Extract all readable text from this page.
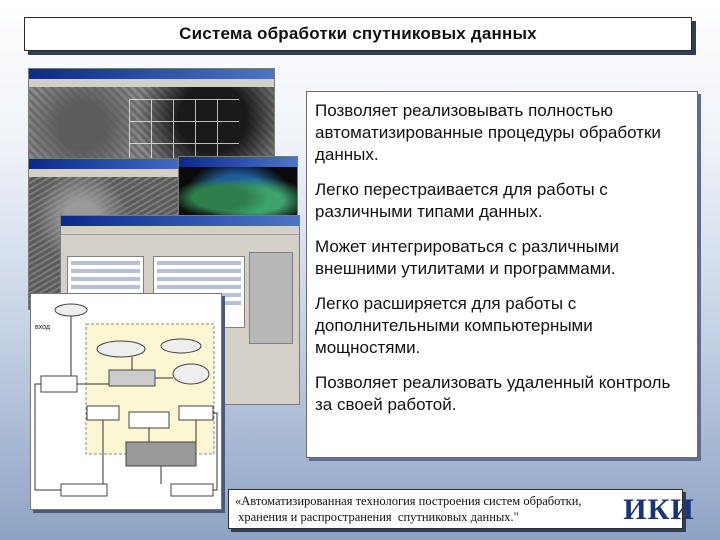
Система обработки спутниковых данных
вход

Позволяет реализовывать полностью автоматизированные процедуры обработки данных.

Легко перестраивается для работы с различными типами данных.

Может интегрироваться с различными внешними утилитами и программами.

Легко расширяется для работы с дополнительными компьютерными мощностями.

Позволяет реализовать удаленный контроль за своей работой.

«Автоматизированная технология построения систем обработки,
хранения и распространения  спутниковых данных."	ИКИ
